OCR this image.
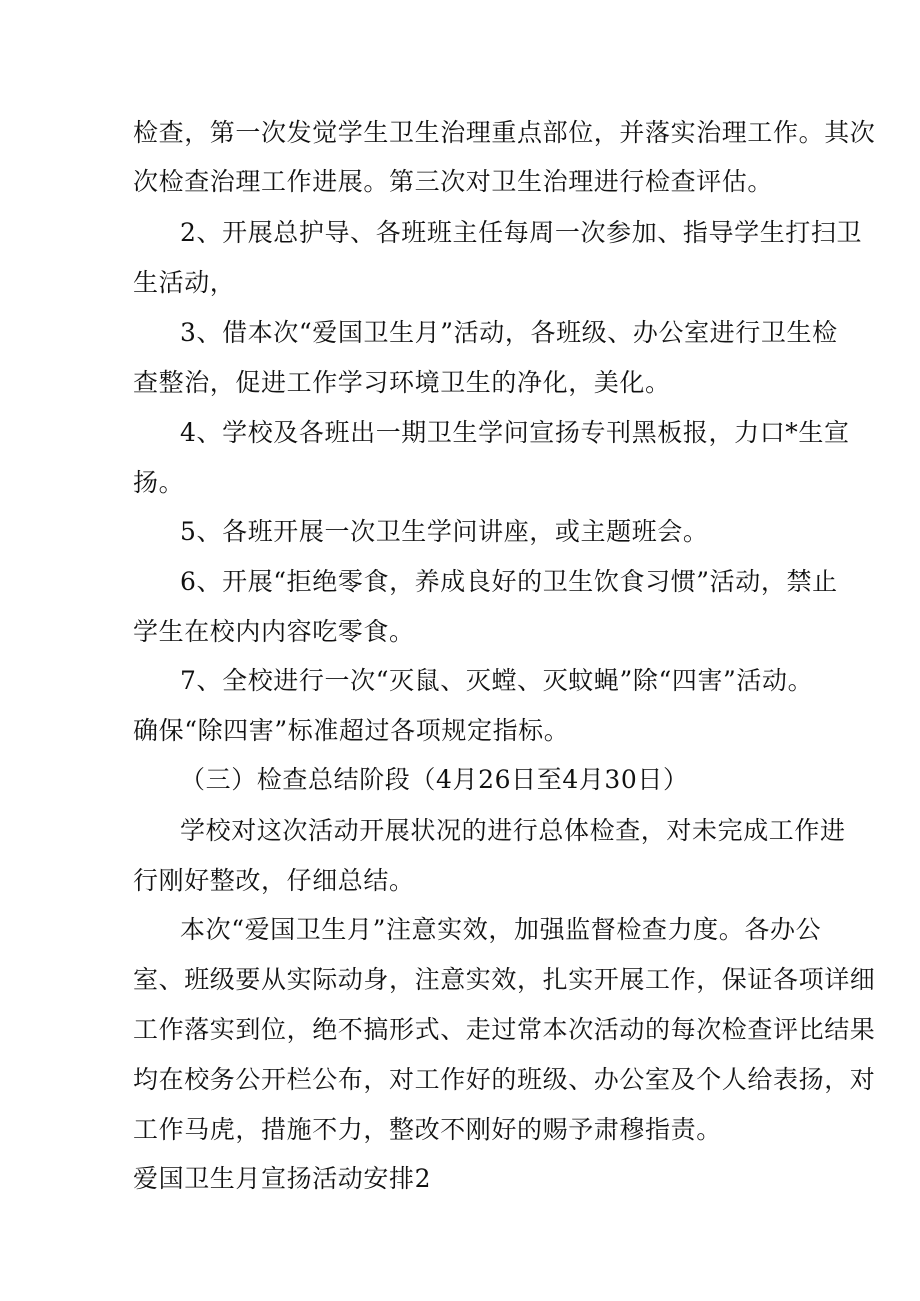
检查，第一次发觉学生卫生治理重点部位，并落实治理工作。其次
次检查治理工作进展。第三次对卫生治理进行检查评估。
2、开展总护导、各班班主任每周一次参加、指导学生打扫卫
生活动，
3、借本次“爱国卫生月”活动，各班级、办公室进行卫生检
查整治，促进工作学习环境卫生的净化，美化。
4、学校及各班出一期卫生学问宣扬专刊黑板报，力口*生宣
扬。
5、各班开展一次卫生学问讲座，或主题班会。
6、开展“拒绝零食，养成良好的卫生饮食习惯”活动，禁止
学生在校内内容吃零食。
7、全校进行一次“灭鼠、灭螳、灭蚊蝇”除“四害”活动。
确保“除四害”标准超过各项规定指标。
（三）检查总结阶段（4月26日至4月30日）
学校对这次活动开展状况的进行总体检查，对未完成工作进
行刚好整改，仔细总结。
本次“爱国卫生月”注意实效，加强监督检查力度。各办公
室、班级要从实际动身，注意实效，扎实开展工作，保证各项详细
工作落实到位，绝不搞形式、走过常本次活动的每次检查评比结果
均在校务公开栏公布，对工作好的班级、办公室及个人给表扬，对
工作马虎，措施不力，整改不刚好的赐予肃穆指责。
爱国卫生月宣扬活动安排2
